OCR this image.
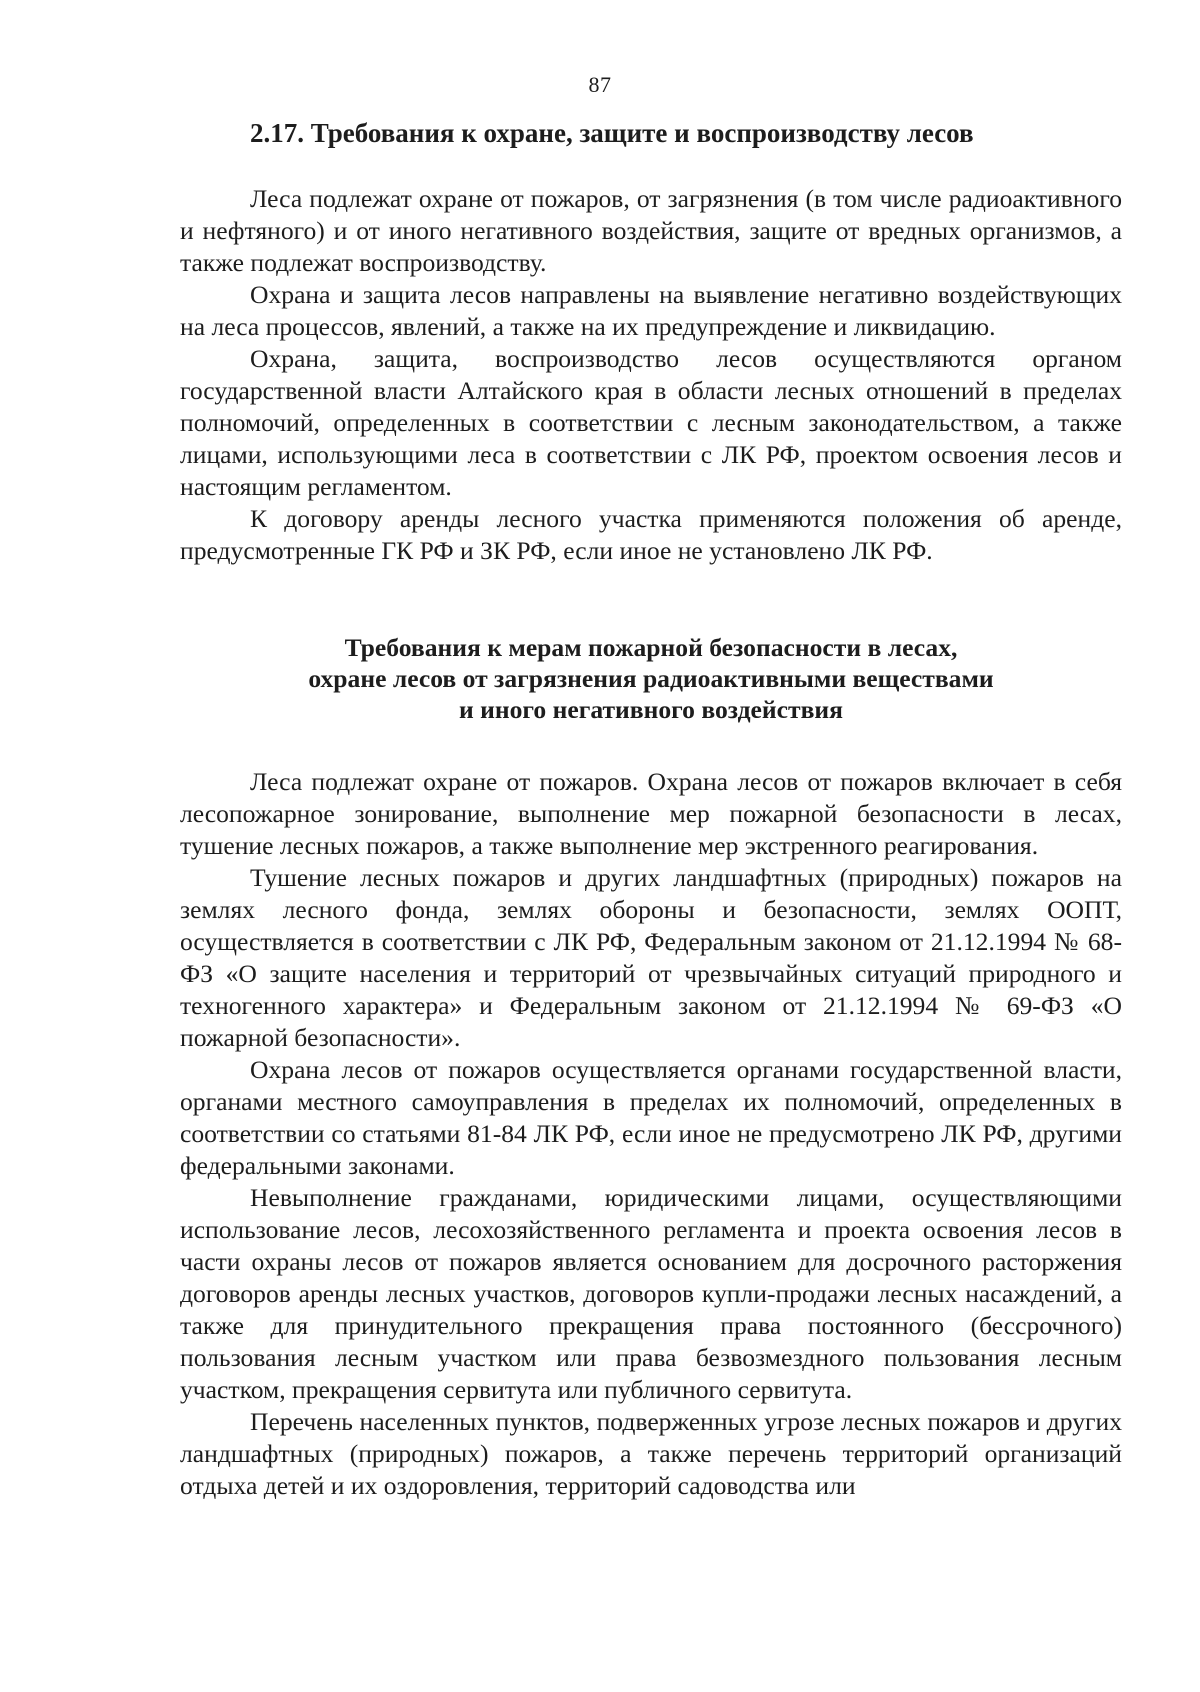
87
2.17. Требования к охране, защите и воспроизводству лесов

Леса подлежат охране от пожаров, от загрязнения (в том числе радиоактивного и нефтяного) и от иного негативного воздействия, защите от вредных организмов, а также подлежат воспроизводству.

Охрана и защита лесов направлены на выявление негативно воздействующих на леса процессов, явлений, а также на их предупреждение и ликвидацию.

Охрана, защита, воспроизводство лесов осуществляются органом государственной власти Алтайского края в области лесных отношений в пределах полномочий, определенных в соответствии с лесным законодательством, а также лицами, использующими леса в соответствии с ЛК РФ, проектом освоения лесов и настоящим регламентом.

К договору аренды лесного участка применяются положения об аренде, предусмотренные ГК РФ и ЗК РФ, если иное не установлено ЛК РФ.

Требования к мерам пожарной безопасности в лесах,
охране лесов от загрязнения радиоактивными веществами
и иного негативного воздействия

Леса подлежат охране от пожаров. Охрана лесов от пожаров включает в себя лесопожарное зонирование, выполнение мер пожарной безопасности в лесах, тушение лесных пожаров, а также выполнение мер экстренного реагирования.

Тушение лесных пожаров и других ландшафтных (природных) пожаров на землях лесного фонда, землях обороны и безопасности, землях ООПТ, осуществляется в соответствии с ЛК РФ, Федеральным законом от 21.12.1994 № 68-ФЗ «О защите населения и территорий от чрезвычайных ситуаций природного и техногенного характера» и Федеральным законом от 21.12.1994 № 69-ФЗ «О пожарной безопасности».

Охрана лесов от пожаров осуществляется органами государственной власти, органами местного самоуправления в пределах их полномочий, определенных в соответствии со статьями 81-84 ЛК РФ, если иное не предусмотрено ЛК РФ, другими федеральными законами.

Невыполнение гражданами, юридическими лицами, осуществляющими использование лесов, лесохозяйственного регламента и проекта освоения лесов в части охраны лесов от пожаров является основанием для досрочного расторжения договоров аренды лесных участков, договоров купли-продажи лесных насаждений, а также для принудительного прекращения права постоянного (бессрочного) пользования лесным участком или права безвозмездного пользования лесным участком, прекращения сервитута или публичного сервитута.

Перечень населенных пунктов, подверженных угрозе лесных пожаров и других ландшафтных (природных) пожаров, а также перечень территорий организаций отдыха детей и их оздоровления, территорий садоводства или
